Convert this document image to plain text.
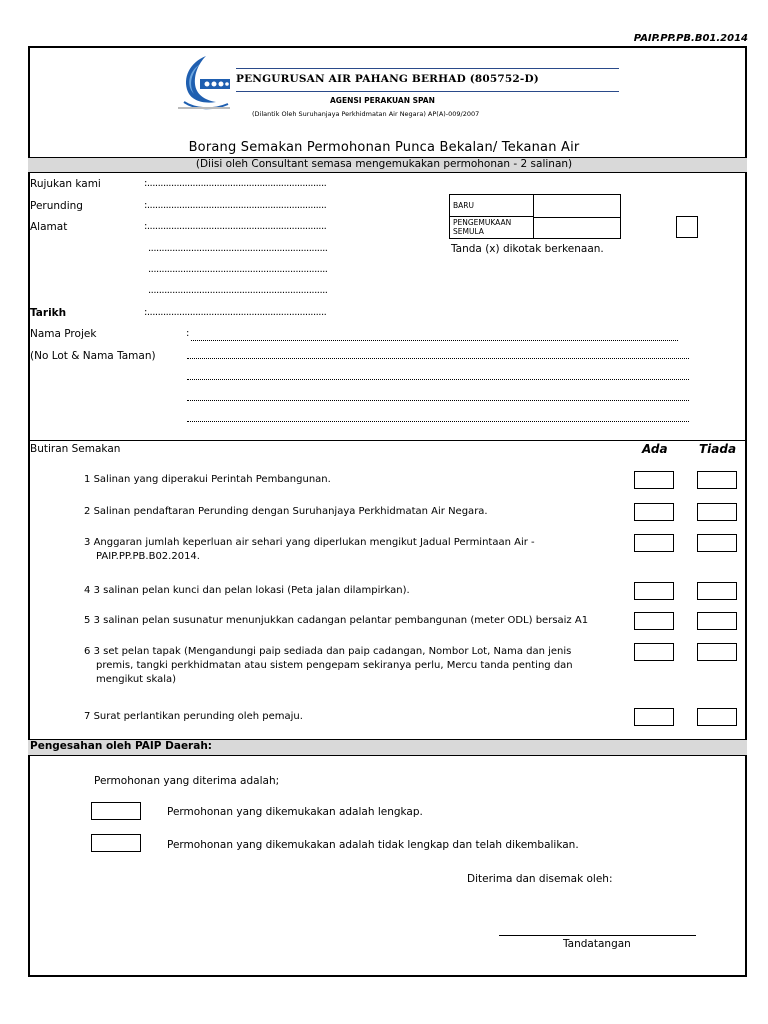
PAIP.PP.PB.B01.2014
PENGURUSAN AIR PAHANG BERHAD (805752-D)
AGENSI PERAKUAN SPAN
(Dilantik Oleh Suruhanjaya Perkhidmatan Air Negara) AP(A)-009/2007
Borang Semakan Permohonan Punca Bekalan/ Tekanan Air
(Diisi oleh Consultant semasa mengemukakan permohonan - 2 salinan)
Rujukan kami	:...................................................................
Perunding	:...................................................................
Alamat	:...................................................................
...................................................................
...................................................................
...................................................................
Tarikh	:...................................................................
BARU
PENGEMUKAAN
SEMULA
Tanda (x) dikotak berkenaan.
Nama Projek	:
(No Lot & Nama Taman)
Butiran Semakan	Ada	Tiada
1 Salinan yang diperakui Perintah Pembangunan.
2 Salinan pendaftaran Perunding dengan Suruhanjaya Perkhidmatan Air Negara.
3 Anggaran jumlah keperluan air sehari yang diperlukan mengikut Jadual Permintaan Air -
PAIP.PP.PB.B02.2014.
4 3 salinan pelan kunci dan pelan lokasi (Peta jalan dilampirkan).
5 3 salinan pelan susunatur menunjukkan cadangan pelantar pembangunan (meter ODL) bersaiz A1
6 3 set pelan tapak (Mengandungi paip sediada dan paip cadangan, Nombor Lot, Nama dan jenis
premis, tangki perkhidmatan atau sistem pengepam sekiranya perlu, Mercu tanda penting dan
mengikut skala)
7 Surat perlantikan perunding oleh pemaju.
Pengesahan oleh PAIP Daerah:
Permohonan yang diterima adalah;
Permohonan yang dikemukakan adalah lengkap.
Permohonan yang dikemukakan adalah tidak lengkap dan telah dikembalikan.
Diterima dan disemak oleh:
Tandatangan
